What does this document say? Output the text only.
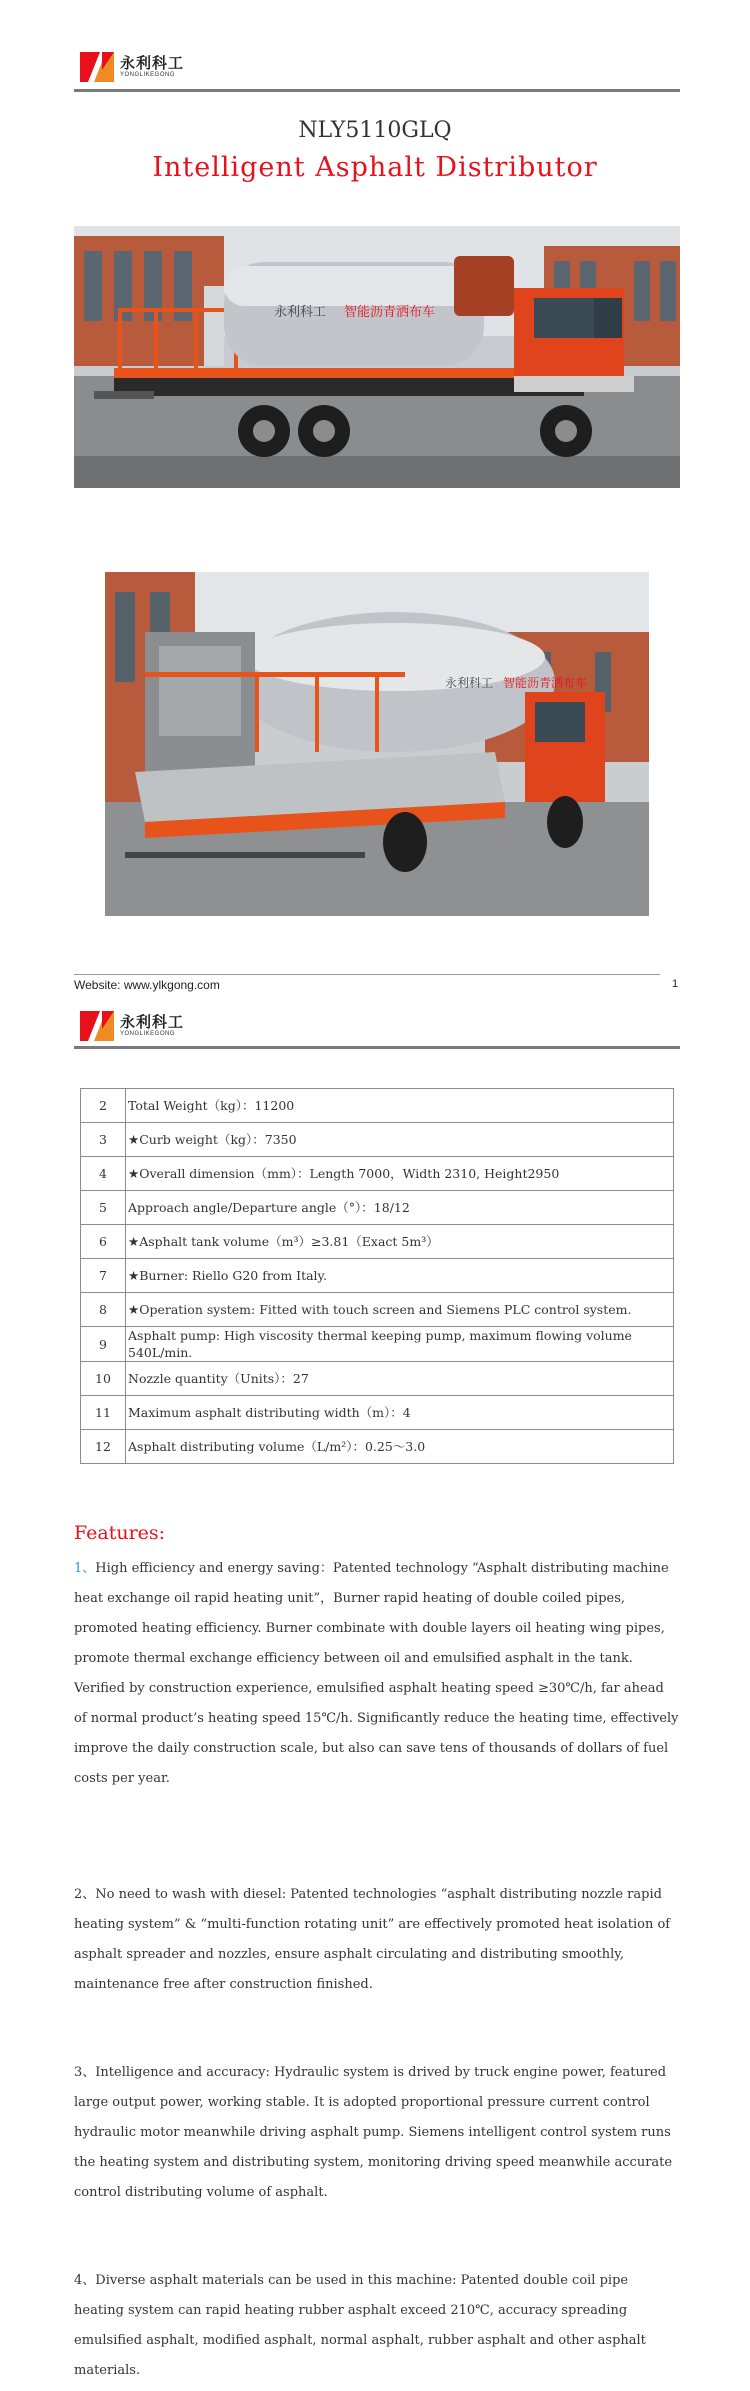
永利科工
YONGLIKEGONG
NLY5110GLQ
Intelligent Asphalt Distributor
永利科工 智能沥青洒布车
永利科工 智能沥青洒布车
Website: www.ylkgong.com	1
永利科工
YONGLIKEGONG
2	Total Weight（kg）：11200
3	★Curb weight（kg）：7350
4	★Overall dimension（mm）：Length 7000，Width 2310, Height2950
5	Approach angle/Departure angle（°）：18/12
6	★Asphalt tank volume（m³）≥3.81（Exact 5m³）
7	★Burner: Riello G20 from Italy.
8	★Operation system: Fitted with touch screen and Siemens PLC control system.
9	Asphalt pump: High viscosity thermal keeping pump, maximum flowing volume 540L/min.
10	Nozzle quantity（Units）：27
11	Maximum asphalt distributing width（m）：4
12	Asphalt distributing volume（L/m²）：0.25～3.0
Features:
1、High efficiency and energy saving：Patented technology “Asphalt distributing machine heat exchange oil rapid heating unit”，Burner rapid heating of double coiled pipes, promoted heating efficiency. Burner combinate with double layers oil heating wing pipes, promote thermal exchange efficiency between oil and emulsified asphalt in the tank. Verified by construction experience, emulsified asphalt heating speed ≥30℃/h, far ahead of normal product’s heating speed 15℃/h. Significantly reduce the heating time, effectively improve the daily construction scale, but also can save tens of thousands of dollars of fuel costs per year.
2、No need to wash with diesel: Patented technologies “asphalt distributing nozzle rapid heating system” & “multi-function rotating unit” are effectively promoted heat isolation of asphalt spreader and nozzles, ensure asphalt circulating and distributing smoothly, maintenance free after construction finished.
3、Intelligence and accuracy: Hydraulic system is drived by truck engine power, featured large output power, working stable. It is adopted proportional pressure current control hydraulic motor meanwhile driving asphalt pump. Siemens intelligent control system runs the heating system and distributing system, monitoring driving speed meanwhile accurate control distributing volume of asphalt.
4、Diverse asphalt materials can be used in this machine: Patented double coil pipe heating system can rapid heating rubber asphalt exceed 210℃, accuracy spreading emulsified asphalt, modified asphalt, normal asphalt, rubber asphalt and other asphalt materials.
